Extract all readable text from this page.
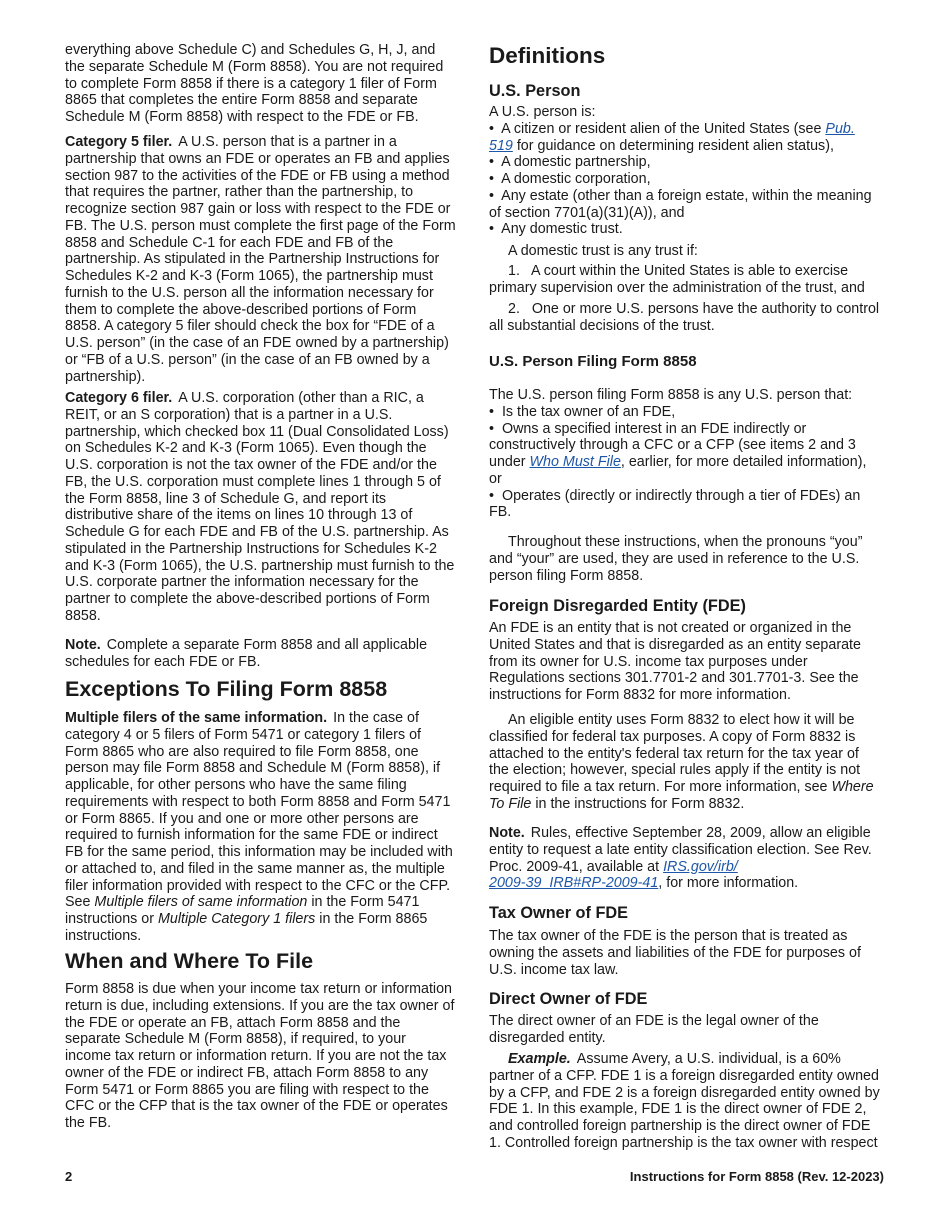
everything above Schedule C) and Schedules G, H, J, and
the separate Schedule M (Form 8858). You are not required
to complete Form 8858 if there is a category 1 filer of Form
8865 that completes the entire Form 8858 and separate
Schedule M (Form 8858) with respect to the FDE or FB.
Category 5 filer. A U.S. person that is a partner in a
partnership that owns an FDE or operates an FB and applies
section 987 to the activities of the FDE or FB using a method
that requires the partner, rather than the partnership, to
recognize section 987 gain or loss with respect to the FDE or
FB. The U.S. person must complete the first page of the Form
8858 and Schedule C-1 for each FDE and FB of the
partnership. As stipulated in the Partnership Instructions for
Schedules K-2 and K-3 (Form 1065), the partnership must
furnish to the U.S. person all the information necessary for
them to complete the above-described portions of Form
8858. A category 5 filer should check the box for “FDE of a
U.S. person” (in the case of an FDE owned by a partnership)
or “FB of a U.S. person” (in the case of an FB owned by a
partnership).
Category 6 filer. A U.S. corporation (other than a RIC, a
REIT, or an S corporation) that is a partner in a U.S.
partnership, which checked box 11 (Dual Consolidated Loss)
on Schedules K-2 and K-3 (Form 1065). Even though the
U.S. corporation is not the tax owner of the FDE and/or the
FB, the U.S. corporation must complete lines 1 through 5 of
the Form 8858, line 3 of Schedule G, and report its
distributive share of the items on lines 10 through 13 of
Schedule G for each FDE and FB of the U.S. partnership. As
stipulated in the Partnership Instructions for Schedules K-2
and K-3 (Form 1065), the U.S. partnership must furnish to the
U.S. corporate partner the information necessary for the
partner to complete the above-described portions of Form
8858.
Note. Complete a separate Form 8858 and all applicable
schedules for each FDE or FB.
Exceptions To Filing Form 8858
Multiple filers of the same information. In the case of
category 4 or 5 filers of Form 5471 or category 1 filers of
Form 8865 who are also required to file Form 8858, one
person may file Form 8858 and Schedule M (Form 8858), if
applicable, for other persons who have the same filing
requirements with respect to both Form 8858 and Form 5471
or Form 8865. If you and one or more other persons are
required to furnish information for the same FDE or indirect
FB for the same period, this information may be included with
or attached to, and filed in the same manner as, the multiple
filer information provided with respect to the CFC or the CFP.
See Multiple filers of same information in the Form 5471
instructions or Multiple Category 1 filers in the Form 8865
instructions.
When and Where To File
Form 8858 is due when your income tax return or information
return is due, including extensions. If you are the tax owner of
the FDE or operate an FB, attach Form 8858 and the
separate Schedule M (Form 8858), if required, to your
income tax return or information return. If you are not the tax
owner of the FDE or indirect FB, attach Form 8858 to any
Form 5471 or Form 8865 you are filing with respect to the
CFC or the CFP that is the tax owner of the FDE or operates
the FB.
Definitions
U.S. Person
A U.S. person is:
•  A citizen or resident alien of the United States (see Pub.
519 for guidance on determining resident alien status),
•  A domestic partnership,
•  A domestic corporation,
•  Any estate (other than a foreign estate, within the meaning
of section 7701(a)(31)(A)), and
•  Any domestic trust.
A domestic trust is any trust if:
1.   A court within the United States is able to exercise
primary supervision over the administration of the trust, and
2.   One or more U.S. persons have the authority to control
all substantial decisions of the trust.
U.S. Person Filing Form 8858
The U.S. person filing Form 8858 is any U.S. person that:
•  Is the tax owner of an FDE,
•  Owns a specified interest in an FDE indirectly or
constructively through a CFC or a CFP (see items 2 and 3
under Who Must File, earlier, for more detailed information),
or
•  Operates (directly or indirectly through a tier of FDEs) an
FB.
Throughout these instructions, when the pronouns “you”
and “your” are used, they are used in reference to the U.S.
person filing Form 8858.
Foreign Disregarded Entity (FDE)
An FDE is an entity that is not created or organized in the
United States and that is disregarded as an entity separate
from its owner for U.S. income tax purposes under
Regulations sections 301.7701-2 and 301.7701-3. See the
instructions for Form 8832 for more information.
An eligible entity uses Form 8832 to elect how it will be
classified for federal tax purposes. A copy of Form 8832 is
attached to the entity's federal tax return for the tax year of
the election; however, special rules apply if the entity is not
required to file a tax return. For more information, see Where
To File in the instructions for Form 8832.
Note. Rules, effective September 28, 2009, allow an eligible
entity to request a late entity classification election. See Rev.
Proc. 2009-41, available at IRS.gov/irb/
2009-39_IRB#RP-2009-41, for more information.
Tax Owner of FDE
The tax owner of the FDE is the person that is treated as
owning the assets and liabilities of the FDE for purposes of
U.S. income tax law.
Direct Owner of FDE
The direct owner of an FDE is the legal owner of the
disregarded entity.
Example. Assume Avery, a U.S. individual, is a 60%
partner of a CFP. FDE 1 is a foreign disregarded entity owned
by a CFP, and FDE 2 is a foreign disregarded entity owned by
FDE 1. In this example, FDE 1 is the direct owner of FDE 2,
and controlled foreign partnership is the direct owner of FDE
1. Controlled foreign partnership is the tax owner with respect
2	Instructions for Form 8858 (Rev. 12-2023)
